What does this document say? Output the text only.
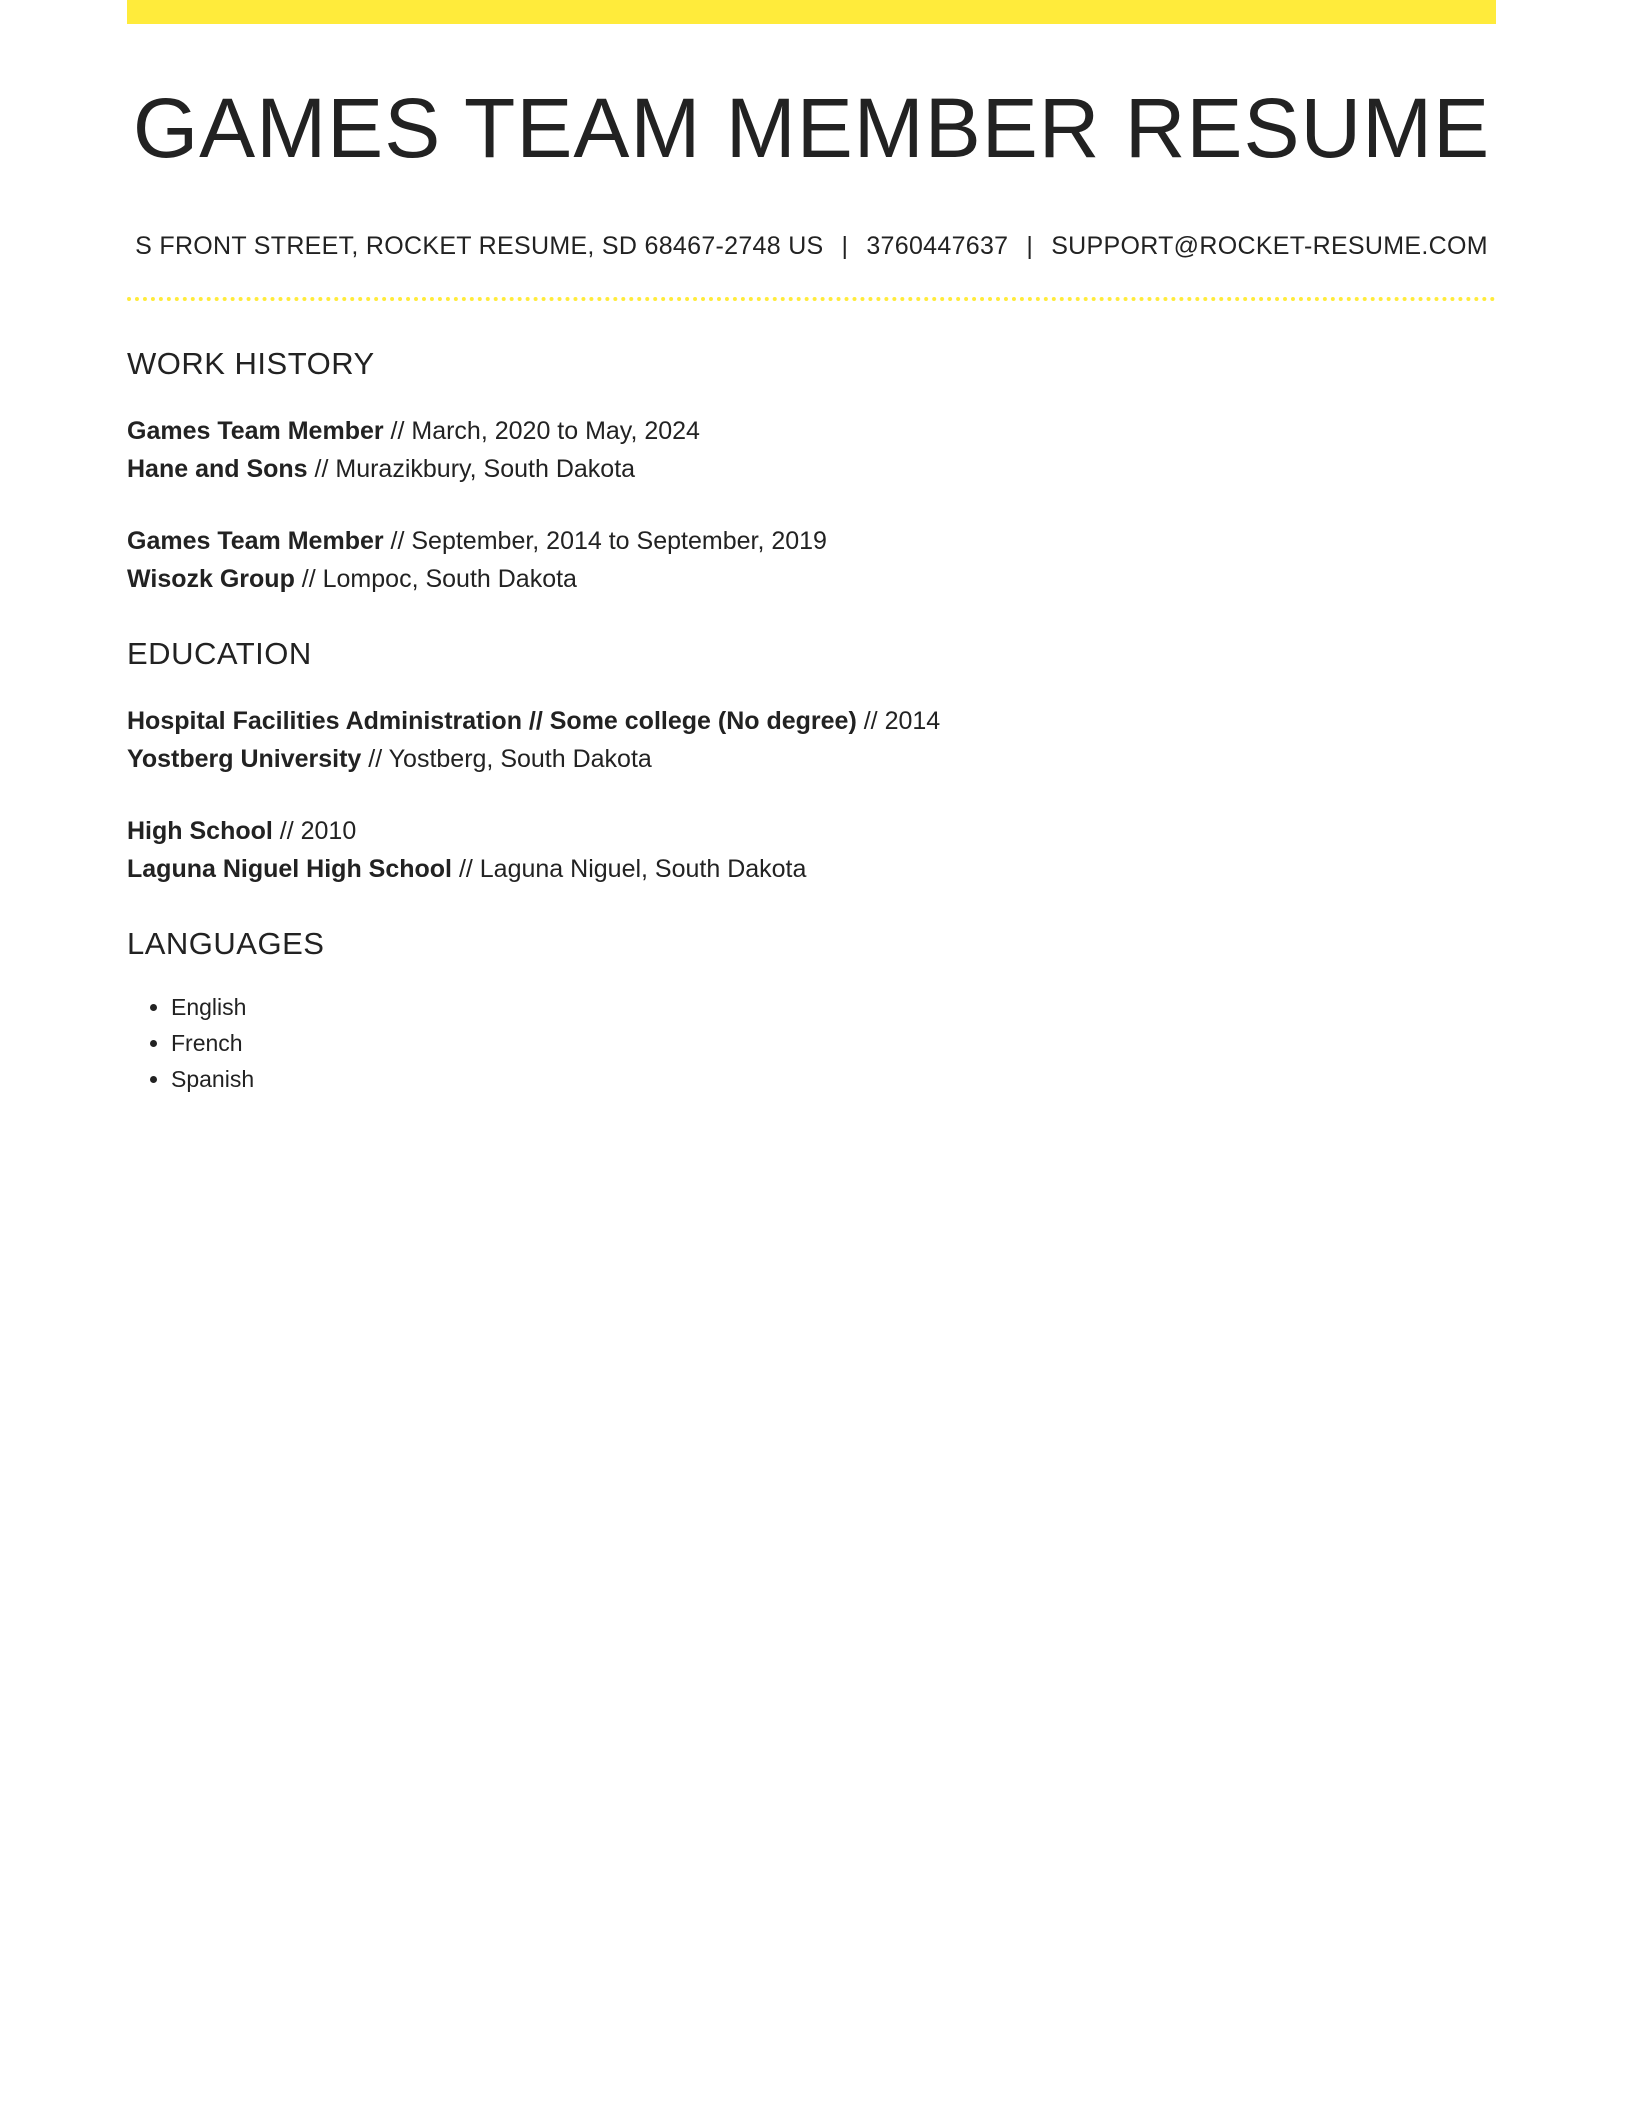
GAMES TEAM MEMBER RESUME
S FRONT STREET, ROCKET RESUME, SD 68467-2748 US | 3760447637 | SUPPORT@ROCKET-RESUME.COM
WORK HISTORY
Games Team Member // March, 2020 to May, 2024
Hane and Sons // Murazikbury, South Dakota
Games Team Member // September, 2014 to September, 2019
Wisozk Group // Lompoc, South Dakota
EDUCATION
Hospital Facilities Administration // Some college (No degree) // 2014
Yostberg University // Yostberg, South Dakota
High School // 2010
Laguna Niguel High School // Laguna Niguel, South Dakota
LANGUAGES
• English
• French
• Spanish
